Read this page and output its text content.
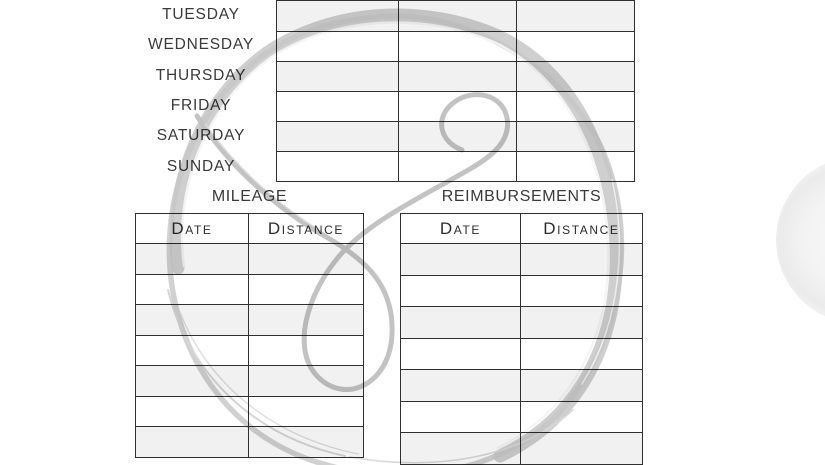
TUESDAY
WEDNESDAY
THURSDAY
FRIDAY
SATURDAY
SUNDAY
MILEAGE	REIMBURSEMENTS
Date	Distance	Date	Distance
